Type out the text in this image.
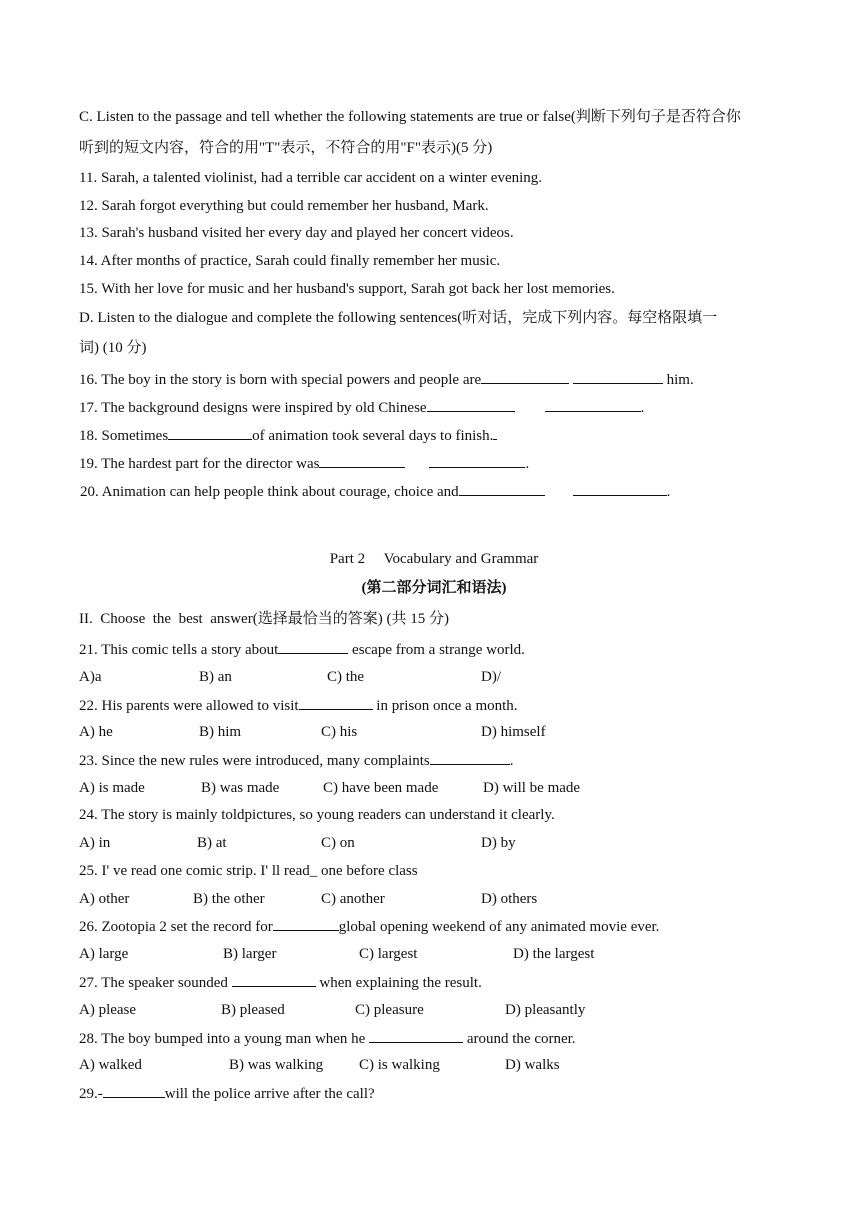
C. Listen to the passage and tell whether the following statements are true or false(判断下列句子是否符合你
听到的短文内容，符合的用"T"表示，不符合的用"F"表示)(5 分)
11. Sarah, a talented violinist, had a terrible car accident on a winter evening.
12. Sarah forgot everything but could remember her husband, Mark.
13. Sarah's husband visited her every day and played her concert videos.
14. After months of practice, Sarah could finally remember her music.
15. With her love for music and her husband's support, Sarah got back her lost memories.
D. Listen to the dialogue and complete the following sentences(听对话，完成下列内容。每空格限填一
词) (10 分)
16. The boy in the story is born with special powers and people are	him.
17. The background designs were inspired by old Chinese	.
18. Sometimes	of animation took several days to finish.
19. The hardest part for the director was	.
20. Animation can help people think about courage, choice and	.
Part 2     Vocabulary and Grammar
(第二部分词汇和语法)
II.  Choose  the  best  answer(选择最恰当的答案) (共 15 分)
21. This comic tells a story about	escape from a strange world.
A)a	B) an	C) the	D)/
22. His parents were allowed to visit	in prison once a month.
A) he	B) him	C) his	D) himself
23. Since the new rules were introduced, many complaints	.
A) is made	B) was made	C) have been made	D) will be made
24. The story is mainly toldpictures, so young readers can understand it clearly.
A) in	B) at	C) on	D) by
25. I' ve read one comic strip. I' ll read_ one before class
A) other	B) the other	C) another	D) others
26. Zootopia 2 set the record for	global opening weekend of any animated movie ever.
A) large	B) larger	C) largest	D) the largest
27. The speaker sounded	when explaining the result.
A) please	B) pleased	C) pleasure	D) pleasantly
28. The boy bumped into a young man when he	around the corner.
A) walked	B) was walking C) is walking	D) walks
29.-	will the police arrive after the call?
